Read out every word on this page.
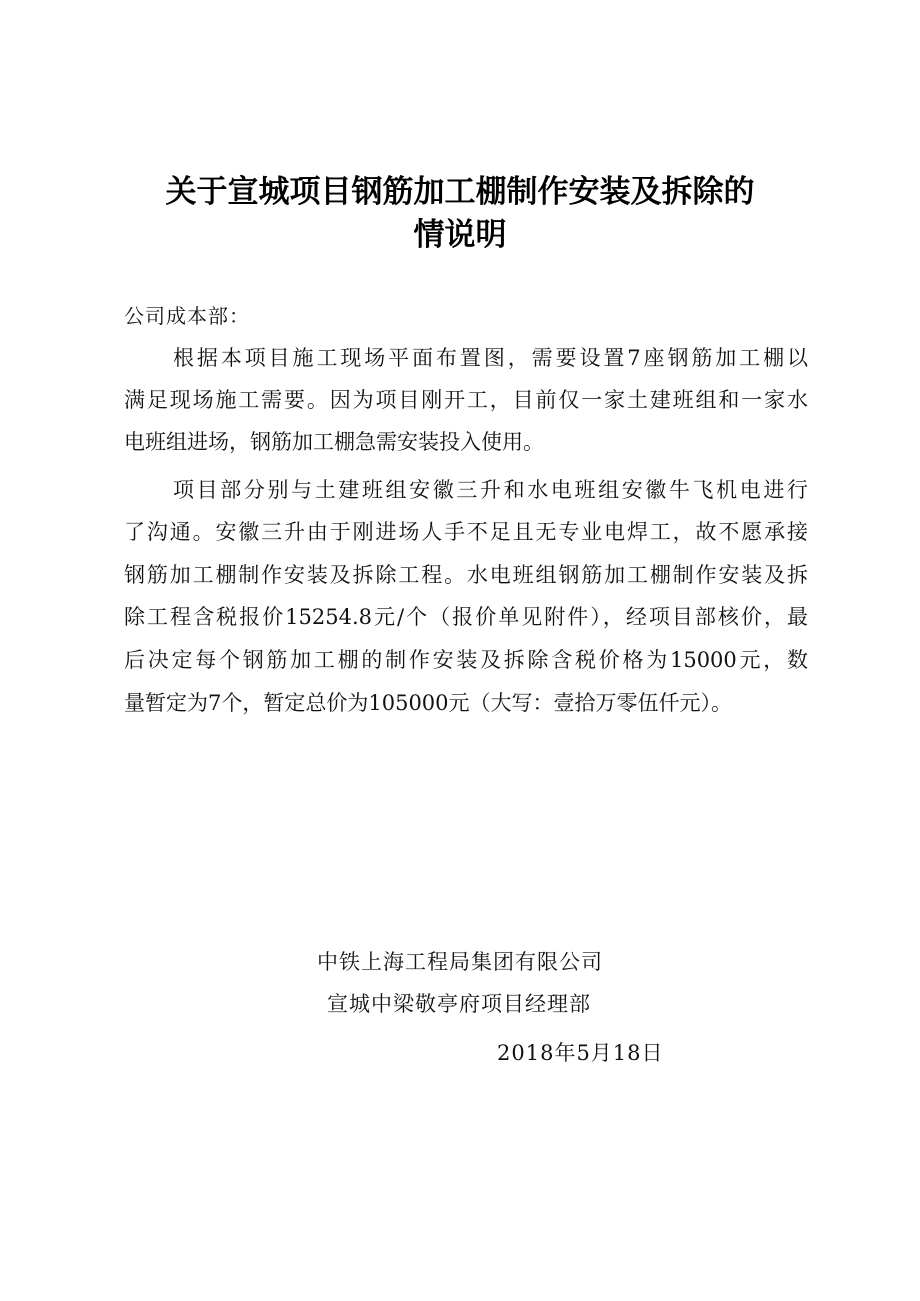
关于宣城项目钢筋加工棚制作安装及拆除的
情说明
公司成本部：
根据本项目施工现场平面布置图，需要设置7座钢筋加工棚以
满足现场施工需要。因为项目刚开工，目前仅一家土建班组和一家水
电班组进场，钢筋加工棚急需安装投入使用。
项目部分别与土建班组安徽三升和水电班组安徽牛飞机电进行
了沟通。安徽三升由于刚进场人手不足且无专业电焊工，故不愿承接
钢筋加工棚制作安装及拆除工程。水电班组钢筋加工棚制作安装及拆
除工程含税报价15254.8元/个（报价单见附件），经项目部核价，最
后决定每个钢筋加工棚的制作安装及拆除含税价格为15000元，数
量暂定为7个，暂定总价为105000元（大写：壹拾万零伍仟元）。
中铁上海工程局集团有限公司
宣城中梁敬亭府项目经理部
2018年5月18日
